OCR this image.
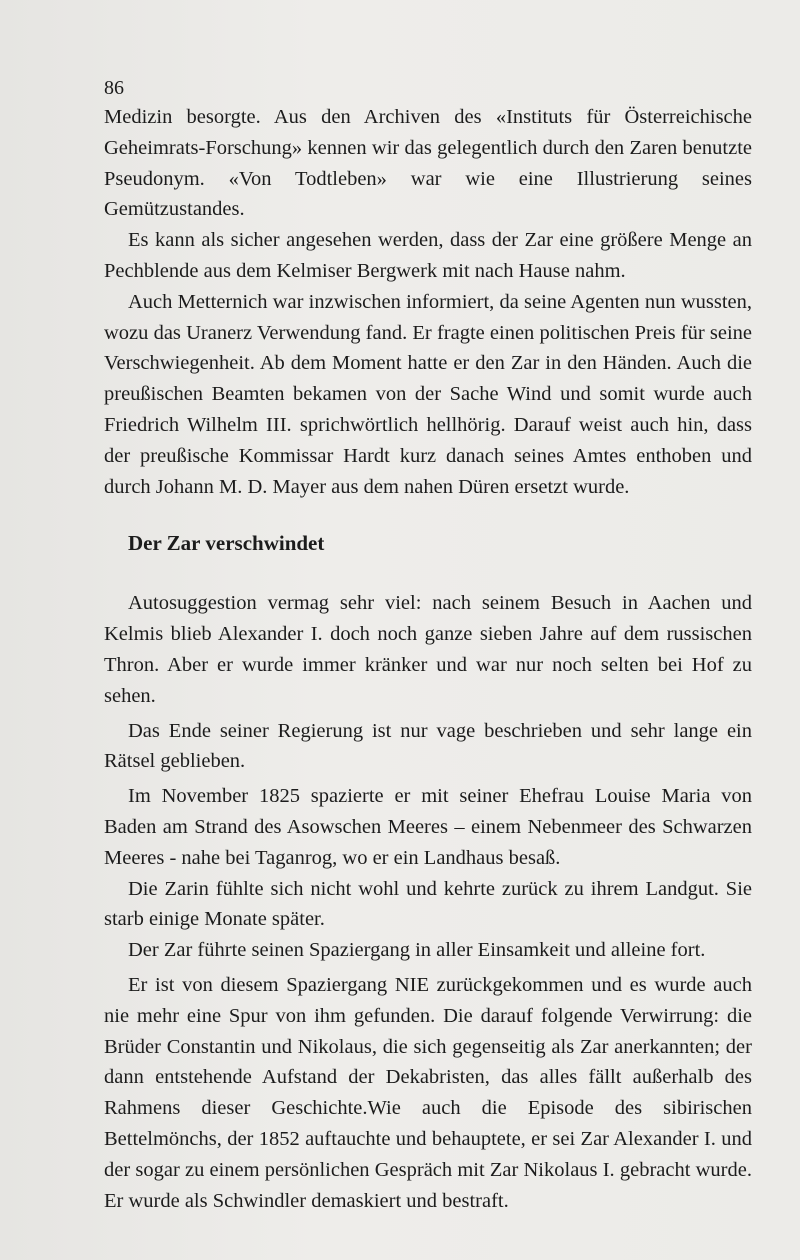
86

Medizin besorgte. Aus den Archiven des «Instituts für Österreichische Geheimrats-Forschung» kennen wir das gelegentlich durch den Zaren benutzte Pseudonym. «Von Todtleben» war wie eine Illustrierung seines Gemützustandes.

Es kann als sicher angesehen werden, dass der Zar eine größere Menge an Pechblende aus dem Kelmiser Bergwerk mit nach Hause nahm.

Auch Metternich war inzwischen informiert, da seine Agenten nun wussten, wozu das Uranerz Verwendung fand. Er fragte einen politischen Preis für seine Verschwiegenheit. Ab dem Moment hatte er den Zar in den Händen. Auch die preußischen Beamten bekamen von der Sache Wind und somit wurde auch Friedrich Wilhelm III. sprichwörtlich hellhörig. Darauf weist auch hin, dass der preußische Kommissar Hardt kurz danach seines Amtes enthoben und durch Johann M. D. Mayer aus dem nahen Düren ersetzt wurde.

Der Zar verschwindet

Autosuggestion vermag sehr viel: nach seinem Besuch in Aachen und Kelmis blieb Alexander I. doch noch ganze sieben Jahre auf dem russischen Thron. Aber er wurde immer kränker und war nur noch selten bei Hof zu sehen.

Das Ende seiner Regierung ist nur vage beschrieben und sehr lange ein Rätsel geblieben.

Im November 1825 spazierte er mit seiner Ehefrau Louise Maria von Baden am Strand des Asowschen Meeres – einem Nebenmeer des Schwarzen Meeres - nahe bei Taganrog, wo er ein Landhaus besaß.

Die Zarin fühlte sich nicht wohl und kehrte zurück zu ihrem Landgut. Sie starb einige Monate später.

Der Zar führte seinen Spaziergang in aller Einsamkeit und alleine fort.

Er ist von diesem Spaziergang NIE zurückgekommen und es wurde auch nie mehr eine Spur von ihm gefunden. Die darauf folgende Verwirrung: die Brüder Constantin und Nikolaus, die sich gegenseitig als Zar anerkannten; der dann entstehende Aufstand der Dekabristen, das alles fällt außerhalb des Rahmens dieser Geschichte.Wie auch die Episode des sibirischen Bettelmönchs, der 1852 auftauchte und behauptete, er sei Zar Alexander I. und der sogar zu einem persönlichen Gespräch mit Zar Nikolaus I. gebracht wurde. Er wurde als Schwindler demaskiert und bestraft.
